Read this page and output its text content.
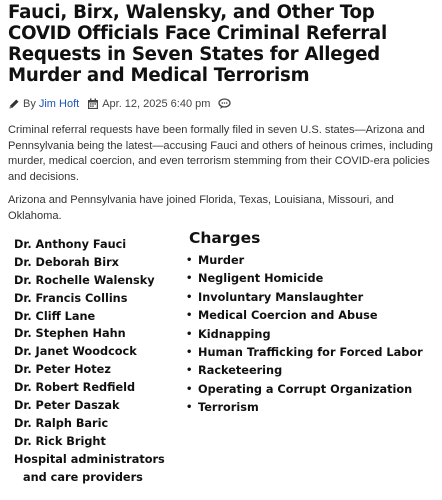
Fauci, Birx, Walensky, and Other Top COVID Officials Face Criminal Referral Requests in Seven States for Alleged Murder and Medical Terrorism
By Jim Hoft Apr. 12, 2025 6:40 pm

Criminal referral requests have been formally filed in seven U.S. states—Arizona and Pennsylvania being the latest—accusing Fauci and others of heinous crimes, including murder, medical coercion, and even terrorism stemming from their COVID-era policies and decisions.

Arizona and Pennsylvania have joined Florida, Texas, Louisiana, Missouri, and Oklahoma.

Dr. Anthony Fauci
Dr. Deborah Birx
Dr. Rochelle Walensky
Dr. Francis Collins
Dr. Cliff Lane
Dr. Stephen Hahn
Dr. Janet Woodcock
Dr. Peter Hotez
Dr. Robert Redfield
Dr. Peter Daszak
Dr. Ralph Baric
Dr. Rick Bright
Hospital administrators
and care providers
Charges
• Murder
• Negligent Homicide
• Involuntary Manslaughter
• Medical Coercion and Abuse
• Kidnapping
• Human Trafficking for Forced Labor
• Racketeering
• Operating a Corrupt Organization
• Terrorism
